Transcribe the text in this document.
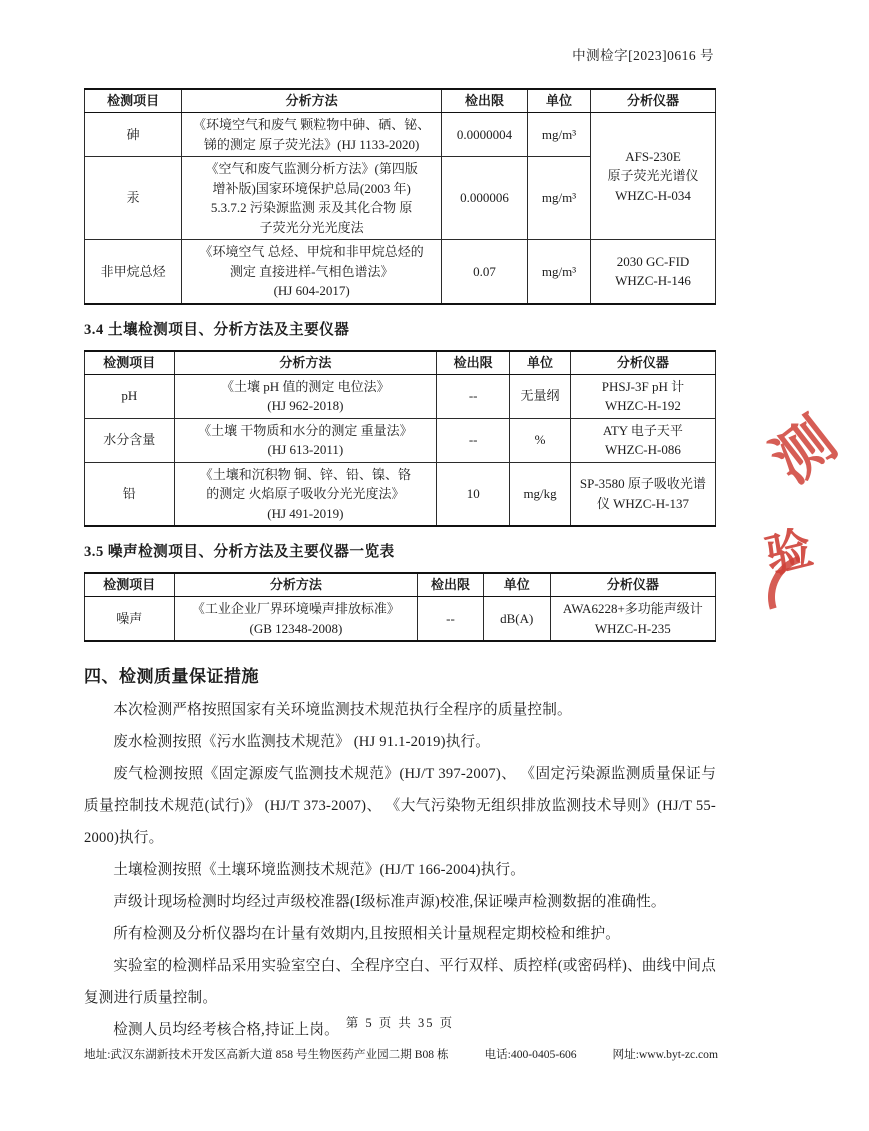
中测检字[2023]0616 号
检测项目	分析方法	检出限	单位	分析仪器
砷	《环境空气和废气 颗粒物中砷、硒、铋、
锑的测定 原子荧光法》(HJ 1133-2020)	0.0000004	mg/m³	AFS-230E
原子荧光光谱仪
WHZC-H-034
汞	《空气和废气监测分析方法》(第四版
增补版)国家环境保护总局(2003 年)
5.3.7.2 污染源监测 汞及其化合物 原
子荧光分光光度法	0.000006	mg/m³	
非甲烷总烃	《环境空气 总烃、甲烷和非甲烷总烃的
测定 直接进样-气相色谱法》
(HJ 604-2017)	0.07	mg/m³	2030 GC-FID
WHZC-H-146
3.4 土壤检测项目、分析方法及主要仪器
检测项目	分析方法	检出限	单位	分析仪器
pH	《土壤 pH 值的测定 电位法》
(HJ 962-2018)	--	无量纲	PHSJ-3F pH 计
WHZC-H-192
水分含量	《土壤 干物质和水分的测定 重量法》
(HJ 613-2011)	--	%	ATY 电子天平
WHZC-H-086
铅	《土壤和沉积物 铜、锌、铅、镍、铬
的测定 火焰原子吸收分光光度法》
(HJ 491-2019)	10	mg/kg	SP-3580 原子吸收光谱
仪 WHZC-H-137
3.5 噪声检测项目、分析方法及主要仪器一览表
检测项目	分析方法	检出限	单位	分析仪器
噪声	《工业企业厂界环境噪声排放标准》
(GB 12348-2008)	--	dB(A)	AWA6228+多功能声级计
WHZC-H-235
四、检测质量保证措施

本次检测严格按照国家有关环境监测技术规范执行全程序的质量控制。

废水检测按照《污水监测技术规范》 (HJ 91.1-2019)执行。

废气检测按照《固定源废气监测技术规范》(HJ/T 397-2007)、 《固定污染源监测质量保证与质量控制技术规范(试行)》 (HJ/T 373-2007)、 《大气污染物无组织排放监测技术导则》(HJ/T 55-2000)执行。

土壤检测按照《土壤环境监测技术规范》(HJ/T 166-2004)执行。

声级计现场检测时均经过声级校准器(Ⅰ级标准声源)校准,保证噪声检测数据的准确性。

所有检测及分析仪器均在计量有效期内,且按照相关计量规程定期校检和维护。

实验室的检测样品采用实验室空白、全程序空白、平行双样、质控样(或密码样)、曲线中间点复测进行质量控制。

检测人员均经考核合格,持证上岗。

测
验
第 5 页 共 35 页
地址:武汉东湖新技术开发区高新大道 858 号生物医药产业园二期 B08 栋	电话:400-0405-606	网址:www.byt-zc.com
